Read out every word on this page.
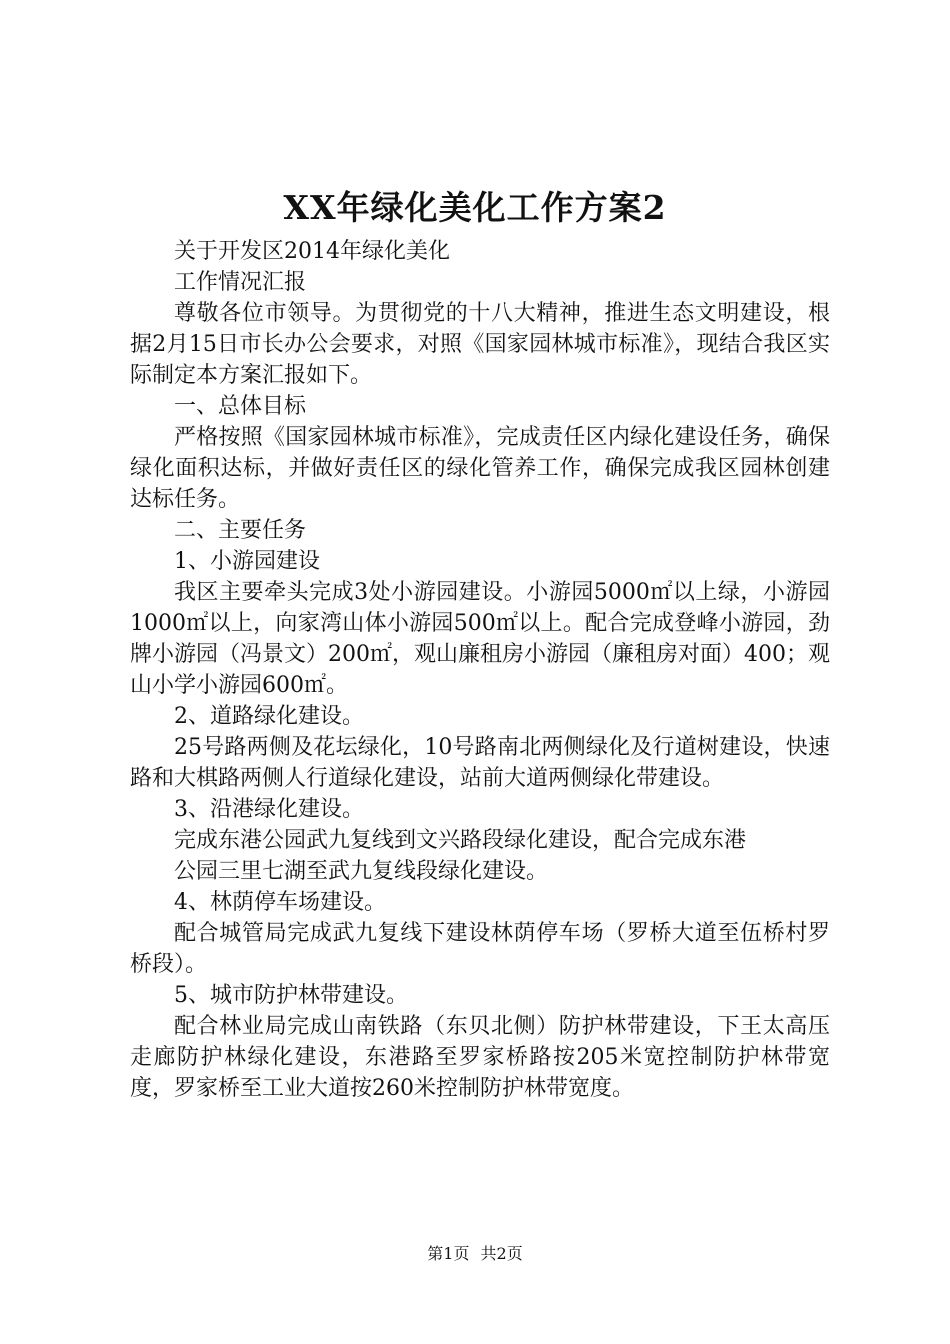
XX年绿化美化工作方案2

关于开发区2014年绿化美化

工作情况汇报

尊敬各位市领导。为贯彻党的十八大精神，推进生态文明建设，根据2月15日市长办公会要求，对照《国家园林城市标准》，现结合我区实际制定本方案汇报如下。

一、总体目标

严格按照《国家园林城市标准》，完成责任区内绿化建设任务，确保绿化面积达标，并做好责任区的绿化管养工作，确保完成我区园林创建达标任务。

二、主要任务

1、小游园建设

我区主要牵头完成3处小游园建设。小游园5000㎡以上绿，小游园1000㎡以上，向家湾山体小游园500㎡以上。配合完成登峰小游园，劲牌小游园（冯景文）200㎡，观山廉租房小游园（廉租房对面）400；观山小学小游园600㎡。

2、道路绿化建设。

25号路两侧及花坛绿化，10号路南北两侧绿化及行道树建设，快速路和大棋路两侧人行道绿化建设，站前大道两侧绿化带建设。

3、沿港绿化建设。

完成东港公园武九复线到文兴路段绿化建设，配合完成东港

公园三里七湖至武九复线段绿化建设。

4、林荫停车场建设。

配合城管局完成武九复线下建设林荫停车场（罗桥大道至伍桥村罗桥段）。

5、城市防护林带建设。

配合林业局完成山南铁路（东贝北侧）防护林带建设，下王太高压走廊防护林绿化建设，东港路至罗家桥路按205米宽控制防护林带宽度，罗家桥至工业大道按260米控制防护林带宽度。

第1页 共2页
